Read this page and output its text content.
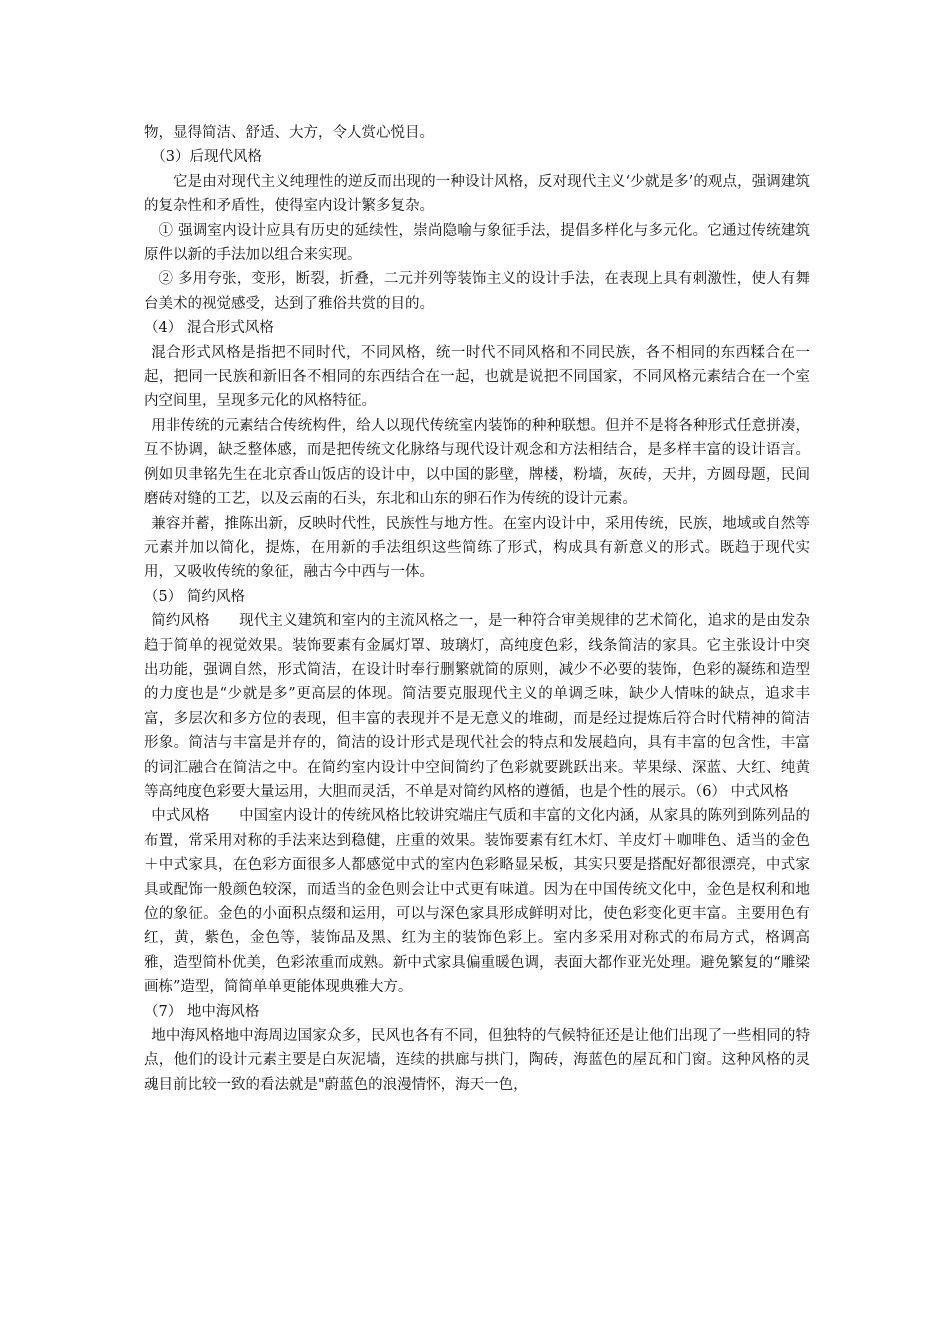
物，显得简洁、舒适、大方，令人赏心悦目。

（3）后现代风格

它是由对现代主义纯理性的逆反而出现的一种设计风格，反对现代主义‘少就是多’的观点，强调建筑的复杂性和矛盾性，使得室内设计繁多复杂。

① 强调室内设计应具有历史的延续性，崇尚隐喻与象征手法，提倡多样化与多元化。它通过传统建筑原件以新的手法加以组合来实现。

② 多用夸张，变形，断裂，折叠，二元并列等装饰主义的设计手法，在表现上具有刺激性，使人有舞台美术的视觉感受，达到了雅俗共赏的目的。

（4） 混合形式风格

混合形式风格是指把不同时代，不同风格，统一时代不同风格和不同民族，各不相同的东西糅合在一起，把同一民族和新旧各不相同的东西结合在一起，也就是说把不同国家，不同风格元素结合在一个室内空间里，呈现多元化的风格特征。

用非传统的元素结合传统构件，给人以现代传统室内装饰的种种联想。但并不是将各种形式任意拼凑，互不协调，缺乏整体感，而是把传统文化脉络与现代设计观念和方法相结合，是多样丰富的设计语言。例如贝聿铭先生在北京香山饭店的设计中，以中国的影壁，牌楼，粉墙，灰砖，天井，方圆母题，民间磨砖对缝的工艺，以及云南的石头，东北和山东的卵石作为传统的设计元素。

兼容并蓄，推陈出新，反映时代性，民族性与地方性。在室内设计中，采用传统，民族，地域或自然等元素并加以简化，提炼，在用新的手法组织这些简练了形式，构成具有新意义的形式。既趋于现代实用，又吸收传统的象征，融古今中西与一体。

（5） 简约风格

简约风格　　现代主义建筑和室内的主流风格之一，是一种符合审美规律的艺术简化，追求的是由发杂趋于简单的视觉效果。装饰要素有金属灯罩、玻璃灯，高纯度色彩，线条简洁的家具。它主张设计中突出功能，强调自然，形式简洁，在设计时奉行删繁就简的原则，减少不必要的装饰，色彩的凝练和造型的力度也是“少就是多”更高层的体现。简洁要克服现代主义的单调乏味，缺少人情味的缺点，追求丰富，多层次和多方位的表现，但丰富的表现并不是无意义的堆砌，而是经过提炼后符合时代精神的简洁形象。简洁与丰富是并存的，简洁的设计形式是现代社会的特点和发展趋向，具有丰富的包含性，丰富的词汇融合在简洁之中。在简约室内设计中空间简约了色彩就要跳跃出来。苹果绿、深蓝、大红、纯黄等高纯度色彩要大量运用，大胆而灵活，不单是对简约风格的遵循，也是个性的展示。（6） 中式风格

中式风格　　中国室内设计的传统风格比较讲究端庄气质和丰富的文化内涵，从家具的陈列到陈列品的布置，常采用对称的手法来达到稳健，庄重的效果。装饰要素有红木灯、羊皮灯＋咖啡色、适当的金色＋中式家具，在色彩方面很多人都感觉中式的室内色彩略显呆板，其实只要是搭配好都很漂亮，中式家具或配饰一般颜色较深，而适当的金色则会让中式更有味道。因为在中国传统文化中，金色是权利和地位的象征。金色的小面积点缀和运用，可以与深色家具形成鲜明对比，使色彩变化更丰富。主要用色有红，黄，紫色，金色等，装饰品及黑、红为主的装饰色彩上。室内多采用对称式的布局方式，格调高雅，造型简朴优美，色彩浓重而成熟。新中式家具偏重暖色调，表面大都作亚光处理。避免繁复的“雕梁画栋”造型，简简单单更能体现典雅大方。

（7） 地中海风格

地中海风格地中海周边国家众多，民风也各有不同，但独特的气候特征还是让他们出现了一些相同的特点，他们的设计元素主要是白灰泥墙，连续的拱廊与拱门，陶砖，海蓝色的屋瓦和门窗。这种风格的灵魂目前比较一致的看法就是"蔚蓝色的浪漫情怀，海天一色，
